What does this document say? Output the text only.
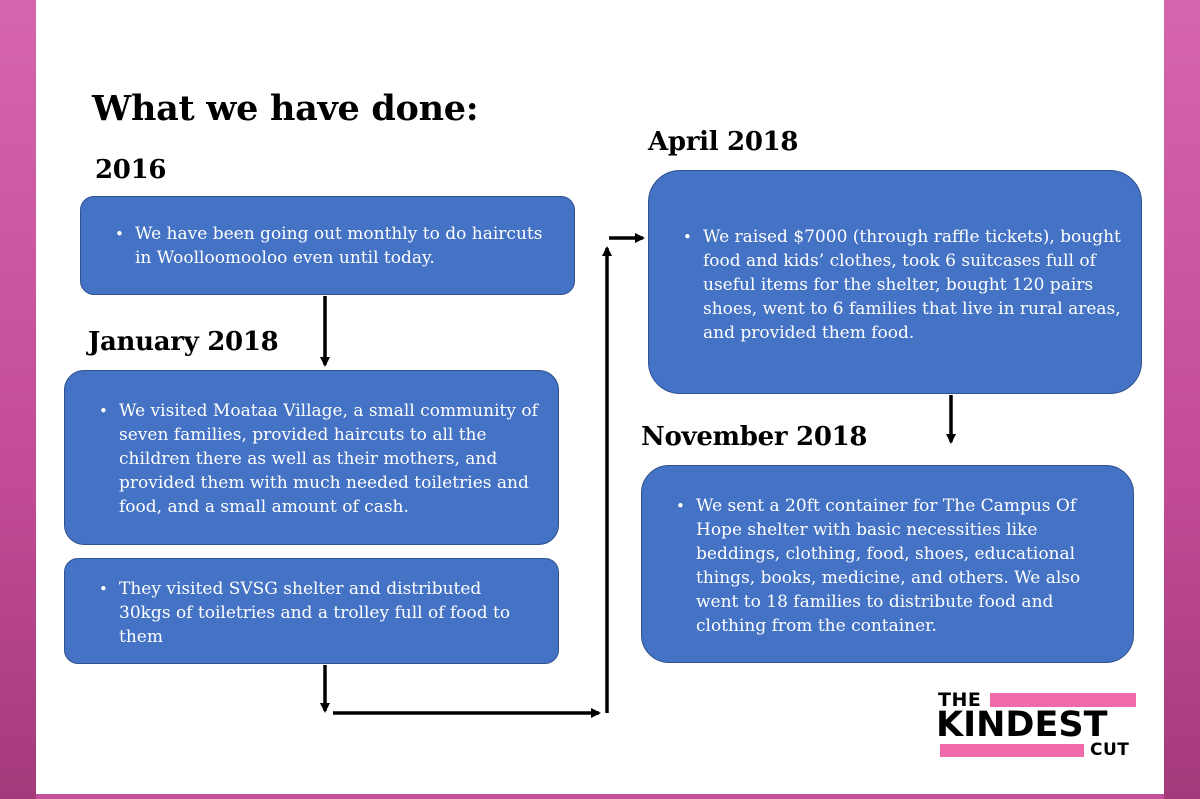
What we have done:
2016
January 2018
April 2018
November 2018
We have been going out monthly to do haircuts in Woolloomooloo even until today.
We visited Moataa Village, a small community of seven families, provided haircuts to all the children there as well as their mothers, and provided them with much needed toiletries and food, and a small amount of cash.
They visited SVSG shelter and distributed 30kgs of toiletries and a trolley full of food to them
We raised $7000 (through raffle tickets), bought food and kids’ clothes, took 6 suitcases full of useful items for the shelter, bought 120 pairs shoes, went to 6 families that live in rural areas, and provided them food.
We sent a 20ft container for The Campus Of Hope shelter with basic necessities like beddings, clothing, food, shoes, educational things, books, medicine, and others. We also went to 18 families to distribute food and clothing from the container.
THE
KINDEST
CUT
